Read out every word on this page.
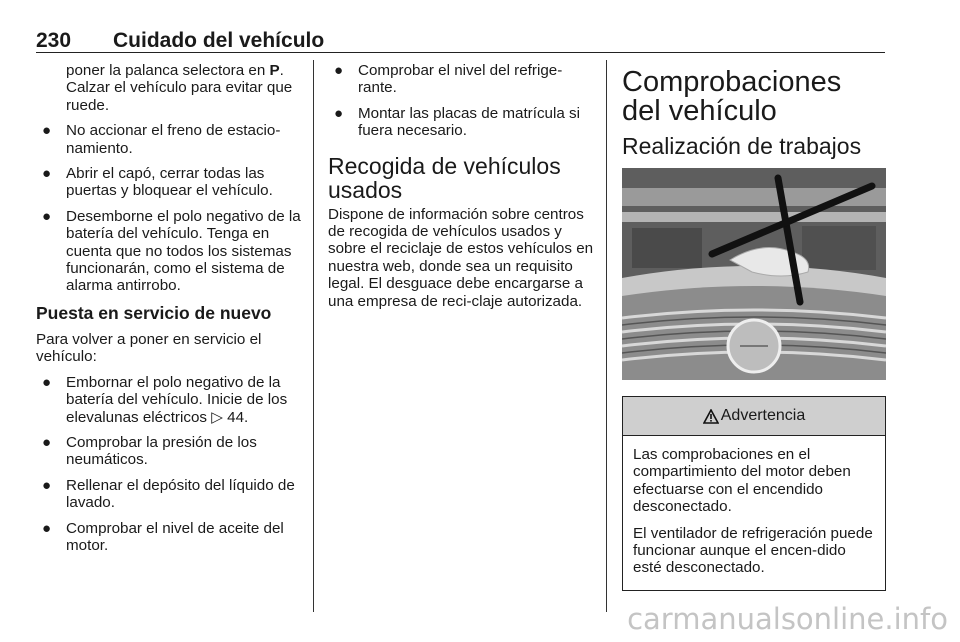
230 Cuidado del vehículo

poner la palanca selectora en P. Calzar el vehículo para evitar que ruede.

● No accionar el freno de estacio-namiento.
● Abrir el capó, cerrar todas las puertas y bloquear el vehículo.
● Desemborne el polo negativo de la batería del vehículo. Tenga en cuenta que no todos los sistemas funcionarán, como el sistema de alarma antirrobo.
Puesta en servicio de nuevo

Para volver a poner en servicio el vehículo:

● Embornar el polo negativo de la batería del vehículo. Inicie de los elevalunas eléctricos ▷ 44.
● Comprobar la presión de los neumáticos.
● Rellenar el depósito del líquido de lavado.
● Comprobar el nivel de aceite del motor.
● Comprobar el nivel del refrige-rante.
● Montar las placas de matrícula si fuera necesario.
Recogida de vehículos usados

Dispone de información sobre centros de recogida de vehículos usados y sobre el reciclaje de estos vehículos en nuestra web, donde sea un requisito legal. El desguace debe encargarse a una empresa de reci-claje autorizada.

Comprobaciones del vehículo
Realización de trabajos
Advertencia

Las comprobaciones en el compartimiento del motor deben efectuarse con el encendido desconectado.

El ventilador de refrigeración puede funcionar aunque el encen-dido esté desconectado.

carmanualsonline.info
